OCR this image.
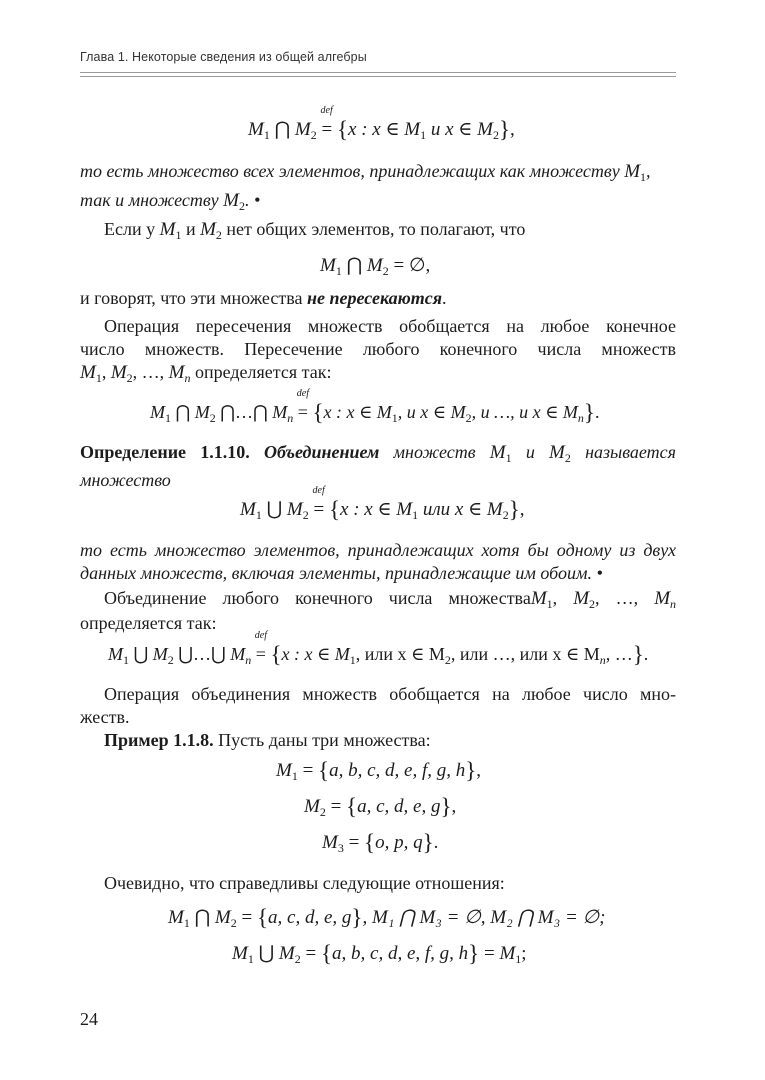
Глава 1. Некоторые сведения из общей алгебры
$M_1$ ⋂ $M_2$ =
def
{x : x ∈ $M_1$ и x ∈ $M_2$},
то есть множество всех элементов, принадлежащих как множеству $M_1$,
так и множеству $M_2$. •
Если у $M_1$ и $M_2$ нет общих элементов, то полагают, что
$M_1$ ⋂ $M_2$ = ∅,
и говорят, что эти множества не пересекаются.
Операция пересечения множеств обобщается на любое конечное
число множеств. Пересечение любого конечного числа множеств
$M_1$, $M_2$, …, $M_n$ определяется так:
$M_1$ ⋂ $M_2$ ⋂…⋂ $M_n$ =
def
{x : x ∈ $M_1$, и x ∈ $M_2$, и …, и x ∈ $M_n$}.
Определение 1.1.10. Объединением множеств $M_1$ и $M_2$ называется
множество
$M_1$ ⋃ $M_2$ =
def
{x : x ∈ $M_1$ или x ∈ $M_2$},
то есть множество элементов, принадлежащих хотя бы одному из двух
данных множеств, включая элементы, принадлежащие им обоим. •
Объединение любого конечного числа множестваM$_1$, $M_2$, …, $M_n$
определяется так:
$M_1$ ⋃ $M_2$ ⋃…⋃ $M_n$ =
def
{x : x ∈ $M_1$, или x ∈ $M_2$, или …, или x ∈ $M_n$, …}.
Операция объединения множеств обобщается на любое число мно-
жеств.
Пример 1.1.8. Пусть даны три множества:
$M_1 = \{a$, b, c, d, e, f, g, h},
$M_2 = \{a$, c, d, e, g},
$M_3 = \{o$, p, q}.
Очевидно, что справедливы следующие отношения:
$M_1$ ⋂ $M_2 = \{a$, c, d, e, g}, M₁ ⋂ M₃ = ∅, M₂ ⋂ M₃ = ∅;
$M_1$ ⋃ $M_2 = \{a$, b, c, d, e, f, g, $h\} = M_1$;
24
